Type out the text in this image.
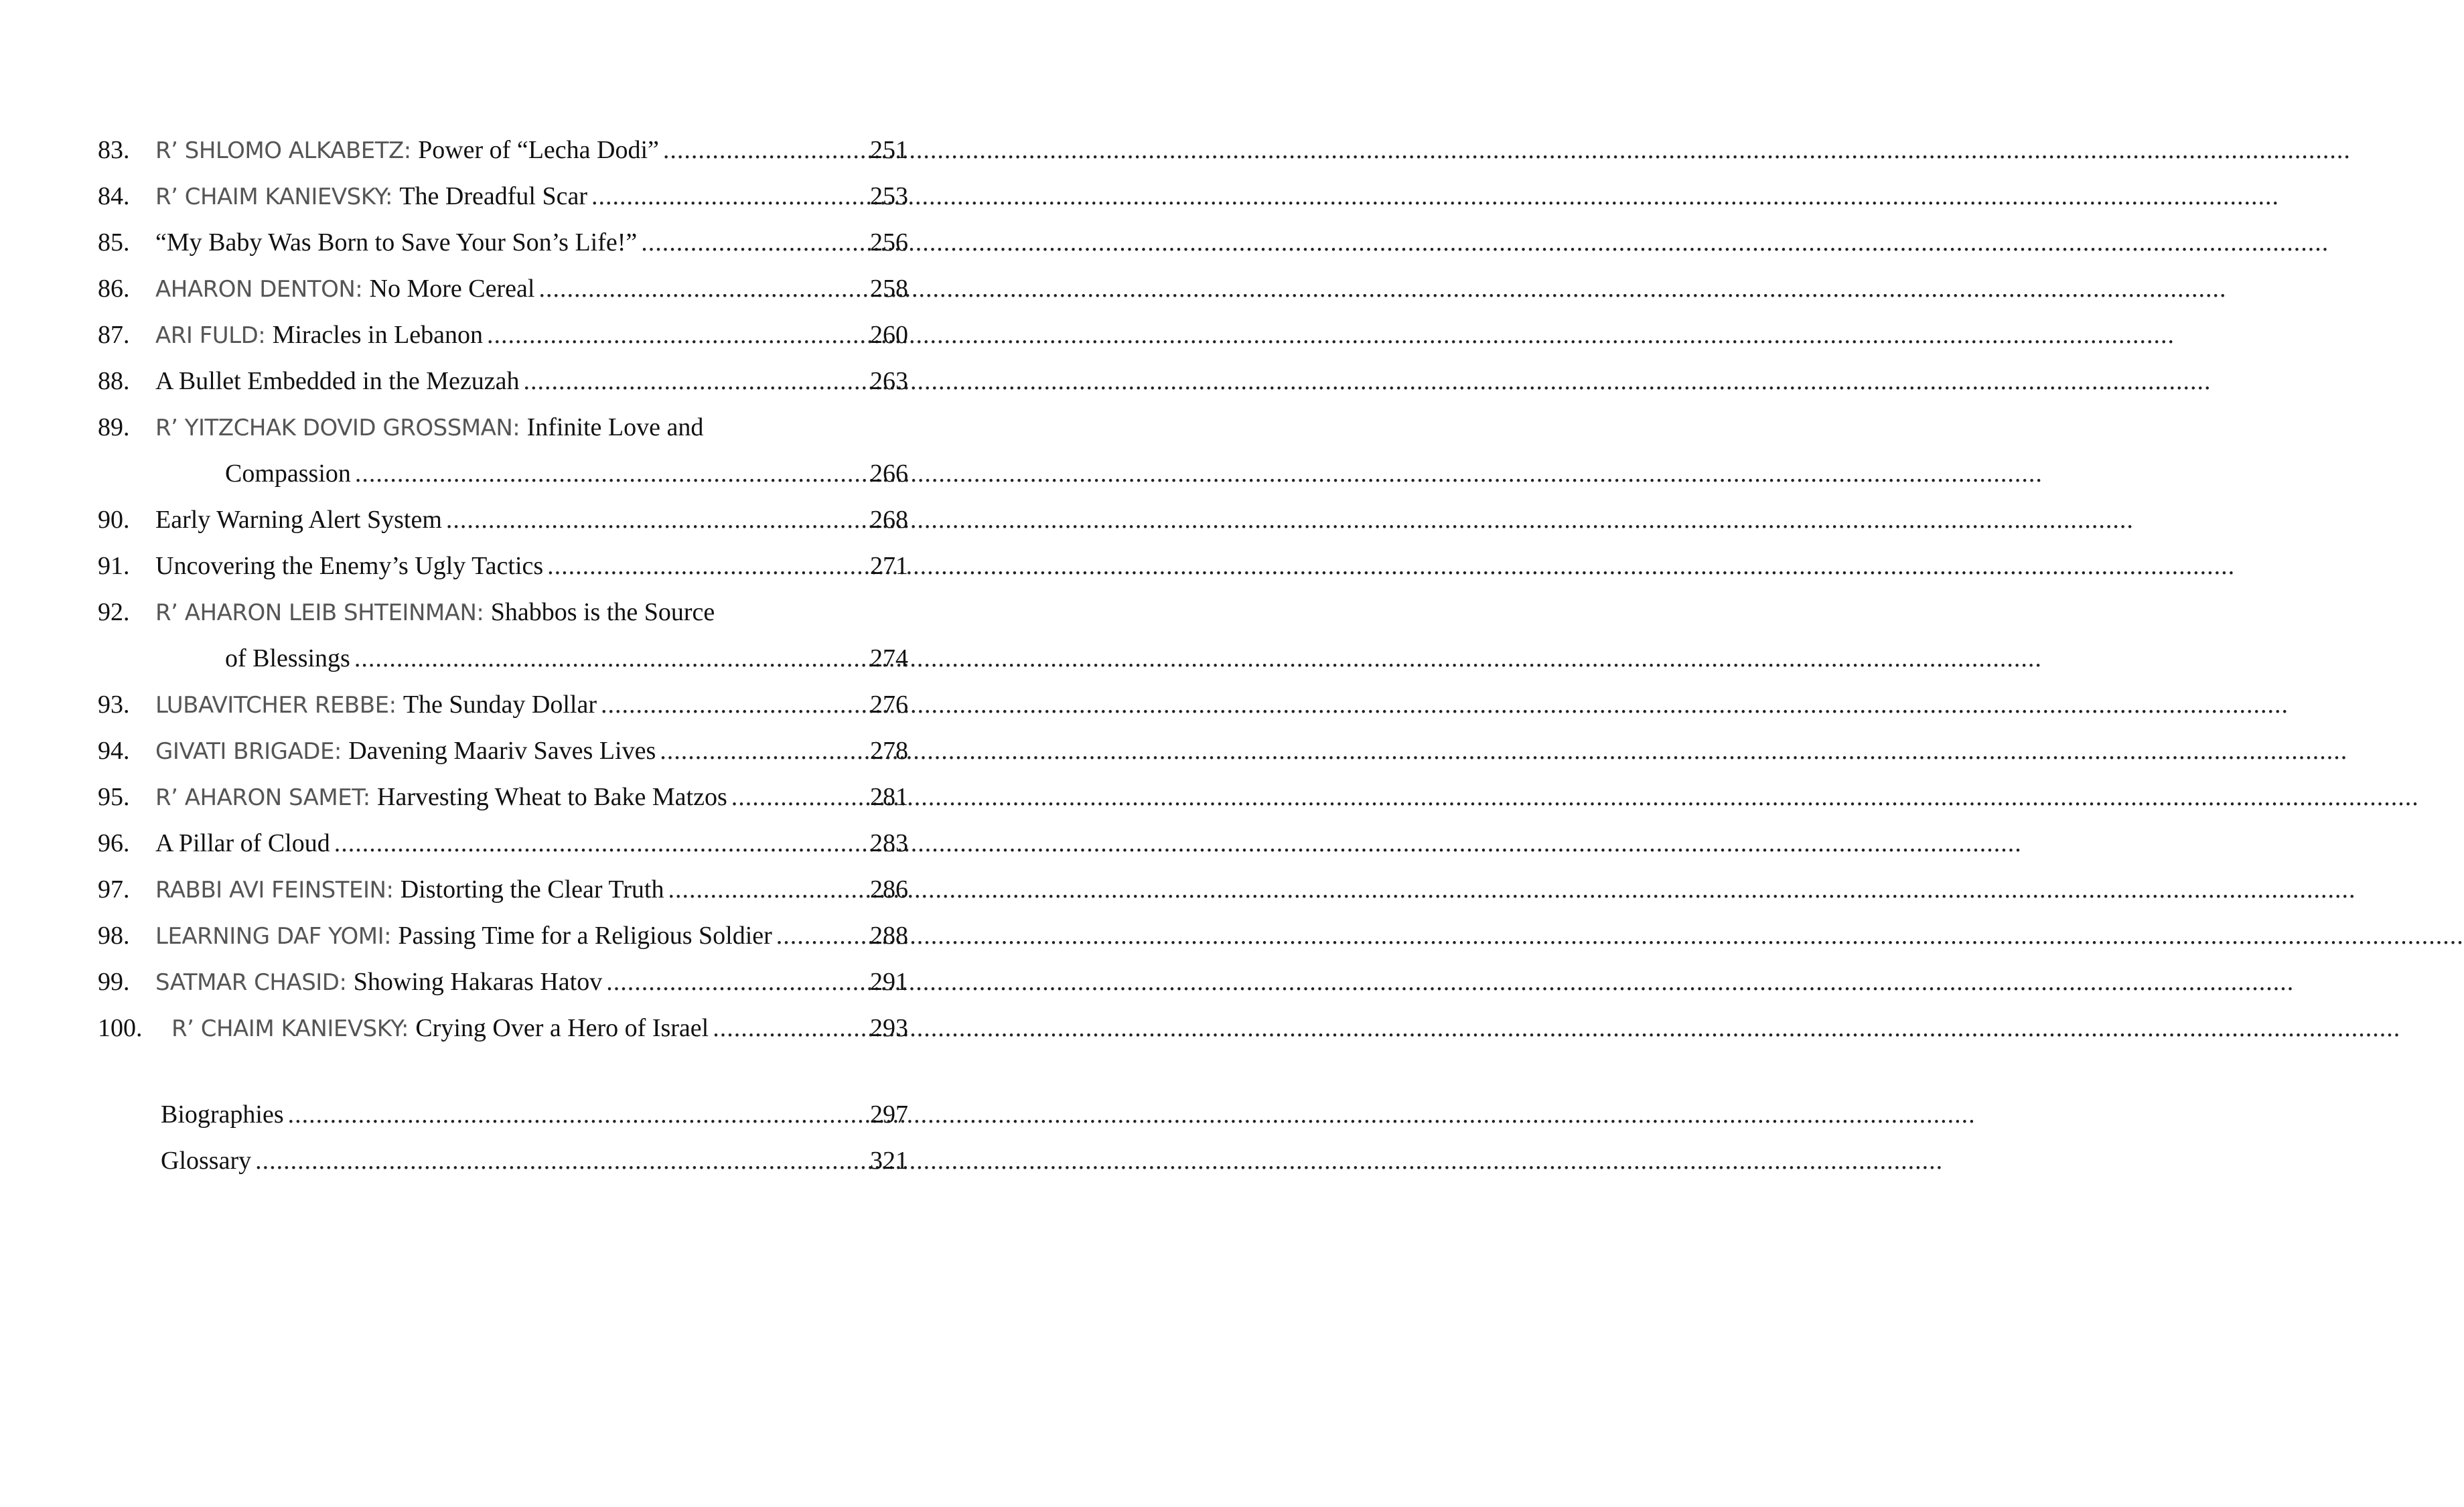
83.	R’ SHLOMO ALKABETZ: Power of “Lecha Dodi” .....	251
84.	R’ CHAIM KANIEVSKY: The Dreadful Scar .....	253
85.	“My Baby Was Born to Save Your Son’s Life!” .....	256
86.	AHARON DENTON: No More Cereal .....	258
87.	ARI FULD: Miracles in Lebanon .....	260
88.	A Bullet Embedded in the Mezuzah .....	263
89.	R’ YITZCHAK DOVID GROSSMAN: Infinite Love and
Compassion .....	266
90.	Early Warning Alert System .....	268
91.	Uncovering the Enemy’s Ugly Tactics .....	271
92.	R’ AHARON LEIB SHTEINMAN: Shabbos is the Source
of Blessings .....	274
93.	LUBAVITCHER REBBE: The Sunday Dollar .....	276
94.	GIVATI BRIGADE: Davening Maariv Saves Lives .....	278
95.	R’ AHARON SAMET: Harvesting Wheat to Bake Matzos .....	281
96.	A Pillar of Cloud .....	283
97.	RABBI AVI FEINSTEIN: Distorting the Clear Truth .....	286
98.	LEARNING DAF YOMI: Passing Time for a Religious Soldier .....	288
99.	SATMAR CHASID: Showing Hakaras Hatov .....	291
100.	R’ CHAIM KANIEVSKY: Crying Over a Hero of Israel .....	293
Biographies .....	297
Glossary .....	321
